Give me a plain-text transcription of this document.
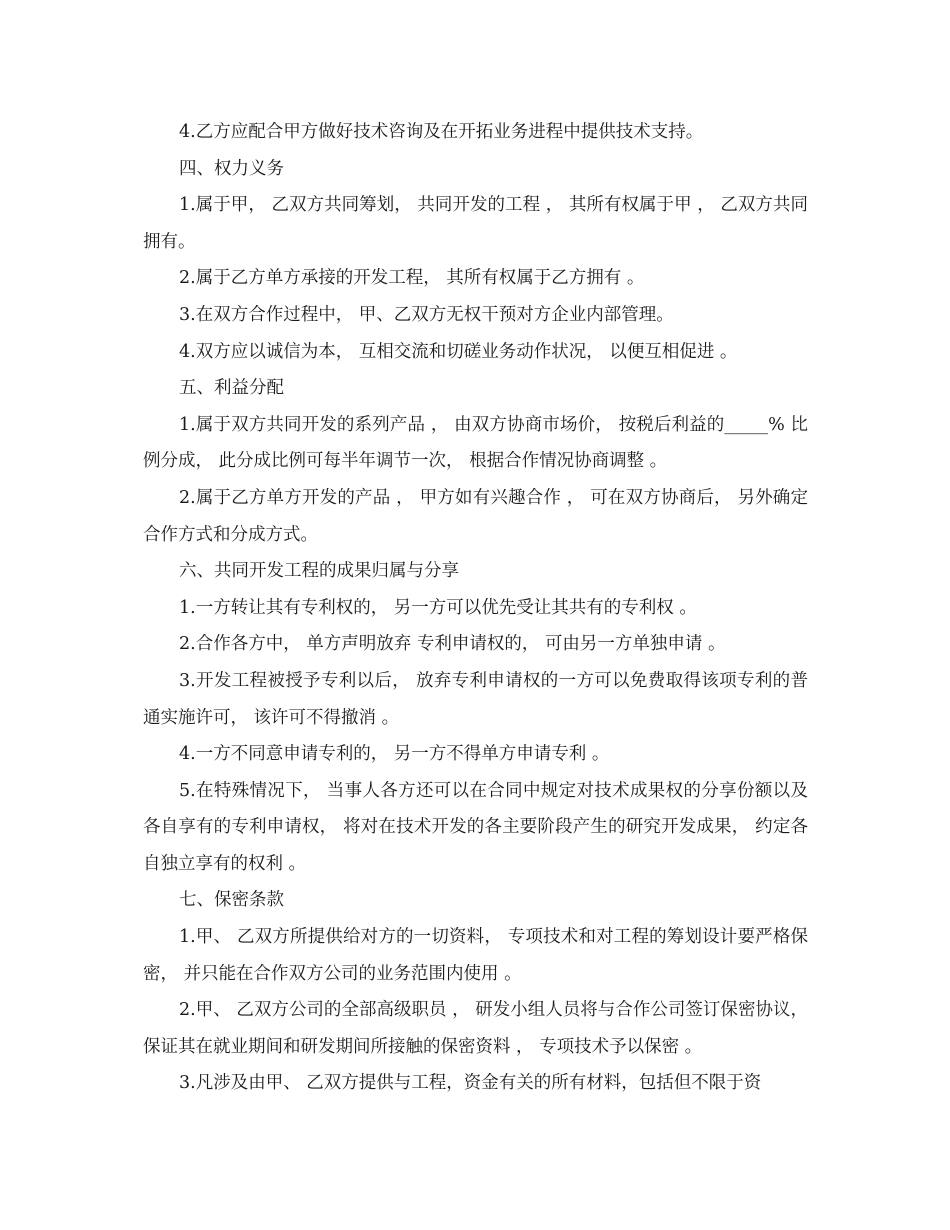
4.乙方应配合甲方做好技术咨询及在开拓业务进程中提供技术支持。

四、权力义务

1.属于甲， 乙双方共同筹划， 共同开发的工程 ， 其所有权属于甲 ， 乙双方共同拥有。

2.属于乙方单方承接的开发工程， 其所有权属于乙方拥有 。

3.在双方合作过程中， 甲、乙双方无权干预对方企业内部管理。

4.双方应以诚信为本， 互相交流和切磋业务动作状况， 以便互相促进 。

五、利益分配

1.属于双方共同开发的系列产品 ， 由双方协商市场价， 按税后利益的_____% 比例分成， 此分成比例可每半年调节一次， 根据合作情况协商调整 。

2.属于乙方单方开发的产品 ， 甲方如有兴趣合作 ， 可在双方协商后， 另外确定合作方式和分成方式。

六、共同开发工程的成果归属与分享

1.一方转让其有专利权的， 另一方可以优先受让其共有的专利权 。

2.合作各方中， 单方声明放弃 专利申请权的， 可由另一方单独申请 。

3.开发工程被授予专利以后， 放弃专利申请权的一方可以免费取得该项专利的普通实施许可， 该许可不得撤消 。

4.一方不同意申请专利的， 另一方不得单方申请专利 。

5.在特殊情况下， 当事人各方还可以在合同中规定对技术成果权的分享份额以及各自享有的专利申请权， 将对在技术开发的各主要阶段产生的研究开发成果， 约定各自独立享有的权利 。

七、保密条款

1.甲、 乙双方所提供给对方的一切资料， 专项技术和对工程的筹划设计要严格保密， 并只能在合作双方公司的业务范围内使用 。

2.甲、 乙双方公司的全部高级职员 ， 研发小组人员将与合作公司签订保密协议， 保证其在就业期间和研发期间所接触的保密资料 ， 专项技术予以保密 。

3.凡涉及由甲、 乙双方提供与工程，资金有关的所有材料，包括但不限于资
